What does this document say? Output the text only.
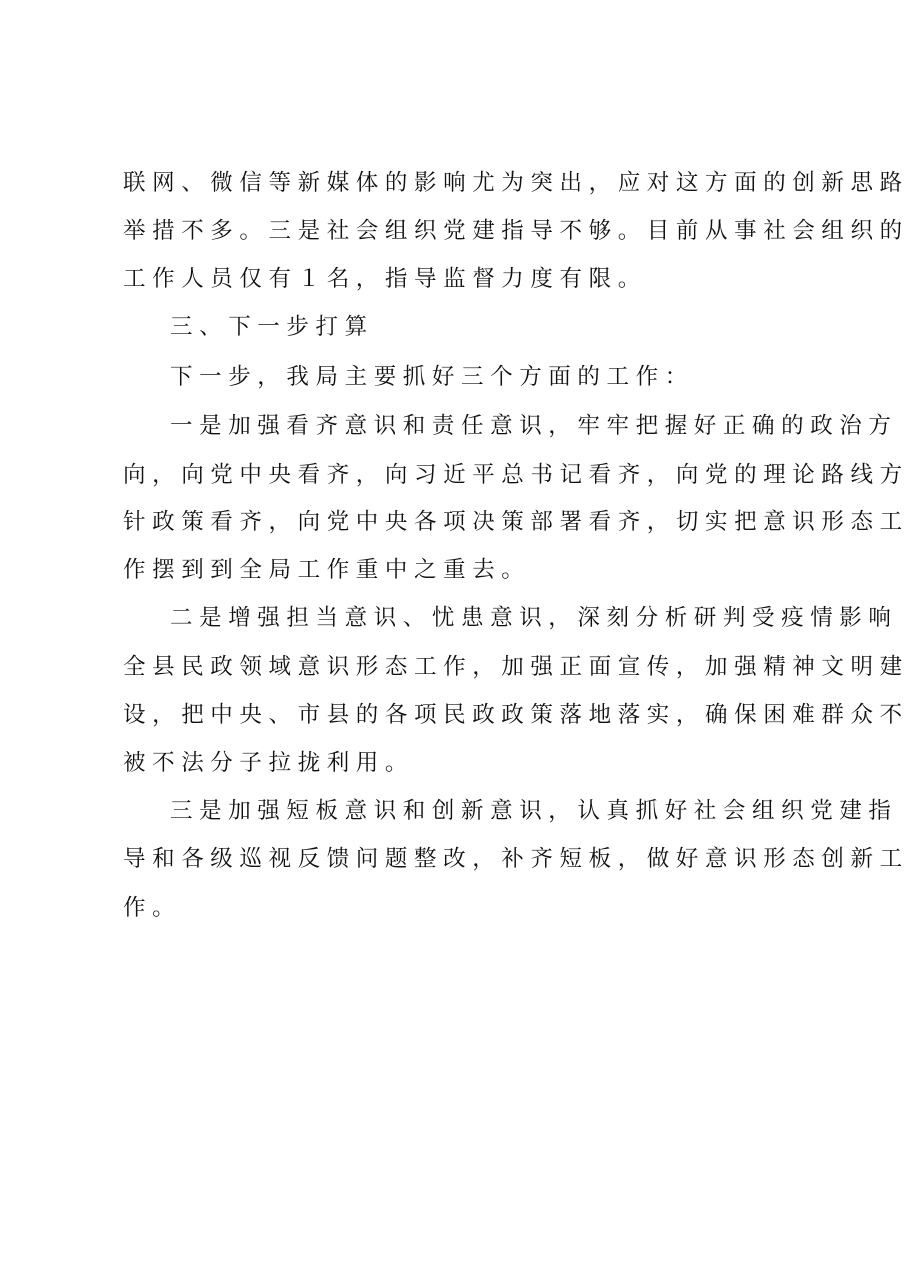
联网、微信等新媒体的影响尤为突出，应对这方面的创新思路
举措不多。三是社会组织党建指导不够。目前从事社会组织的
工作人员仅有１名，指导监督力度有限。
三、下一步打算
下一步，我局主要抓好三个方面的工作：
一是加强看齐意识和责任意识，牢牢把握好正确的政治方
向，向党中央看齐，向习近平总书记看齐，向党的理论路线方
针政策看齐，向党中央各项决策部署看齐，切实把意识形态工
作摆到到全局工作重中之重去。
二是增强担当意识、忧患意识，深刻分析研判受疫情影响
全县民政领域意识形态工作，加强正面宣传，加强精神文明建
设，把中央、市县的各项民政政策落地落实，确保困难群众不
被不法分子拉拢利用。
三是加强短板意识和创新意识，认真抓好社会组织党建指
导和各级巡视反馈问题整改，补齐短板，做好意识形态创新工
作。
